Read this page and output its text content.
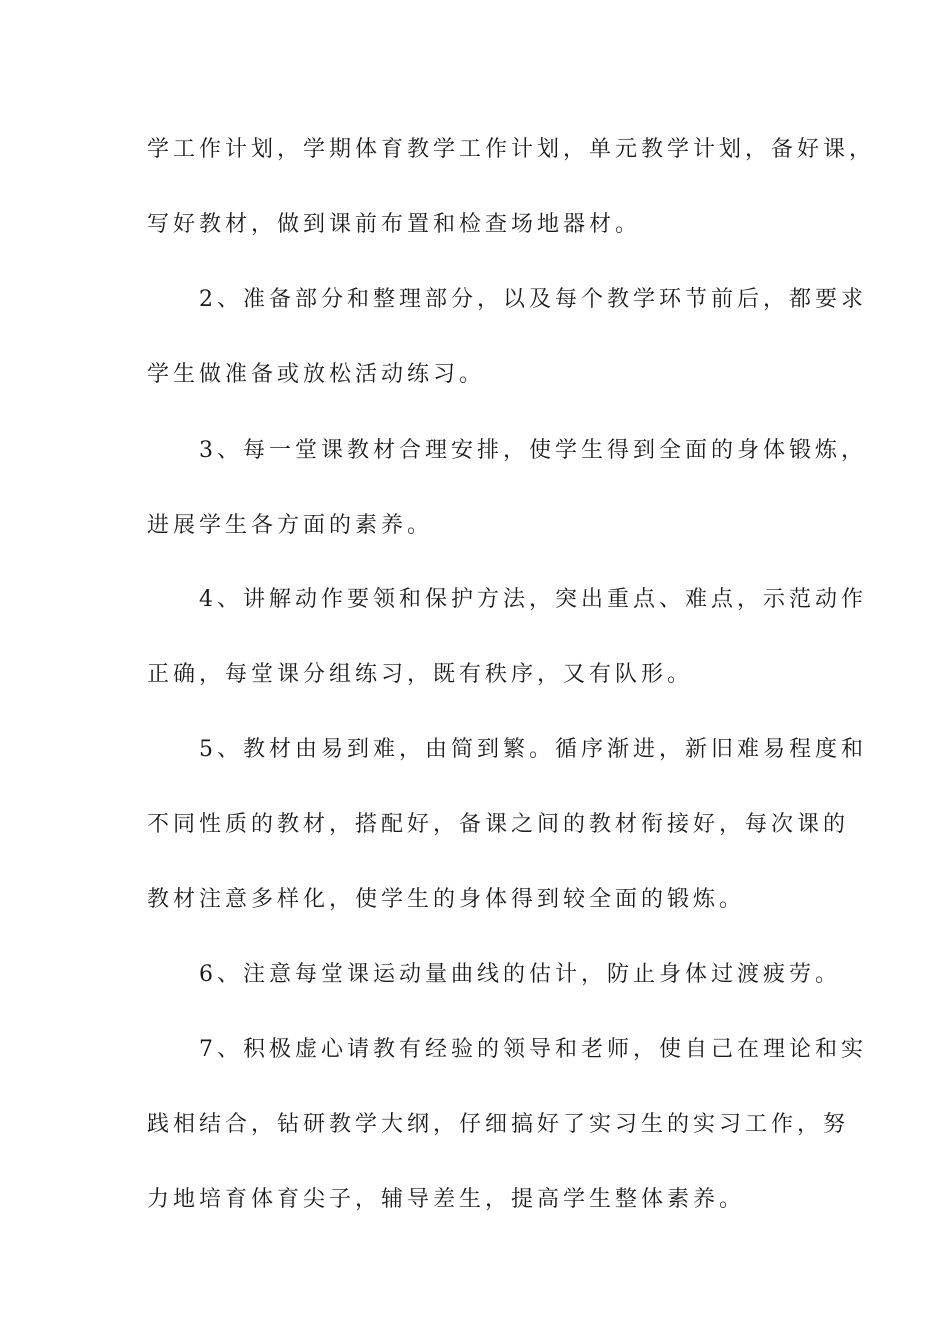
学工作计划，学期体育教学工作计划，单元教学计划，备好课，
写好教材，做到课前布置和检查场地器材。
　　2、准备部分和整理部分，以及每个教学环节前后，都要求
学生做准备或放松活动练习。
　　3、每一堂课教材合理安排，使学生得到全面的身体锻炼，
进展学生各方面的素养。
　　4、讲解动作要领和保护方法，突出重点、难点，示范动作
正确，每堂课分组练习，既有秩序，又有队形。
　　5、教材由易到难，由简到繁。循序渐进，新旧难易程度和
不同性质的教材，搭配好，备课之间的教材衔接好，每次课的
教材注意多样化，使学生的身体得到较全面的锻炼。
　　6、注意每堂课运动量曲线的估计，防止身体过渡疲劳。
　　7、积极虚心请教有经验的领导和老师，使自己在理论和实
践相结合，钻研教学大纲，仔细搞好了实习生的实习工作，努
力地培育体育尖子，辅导差生，提高学生整体素养。
